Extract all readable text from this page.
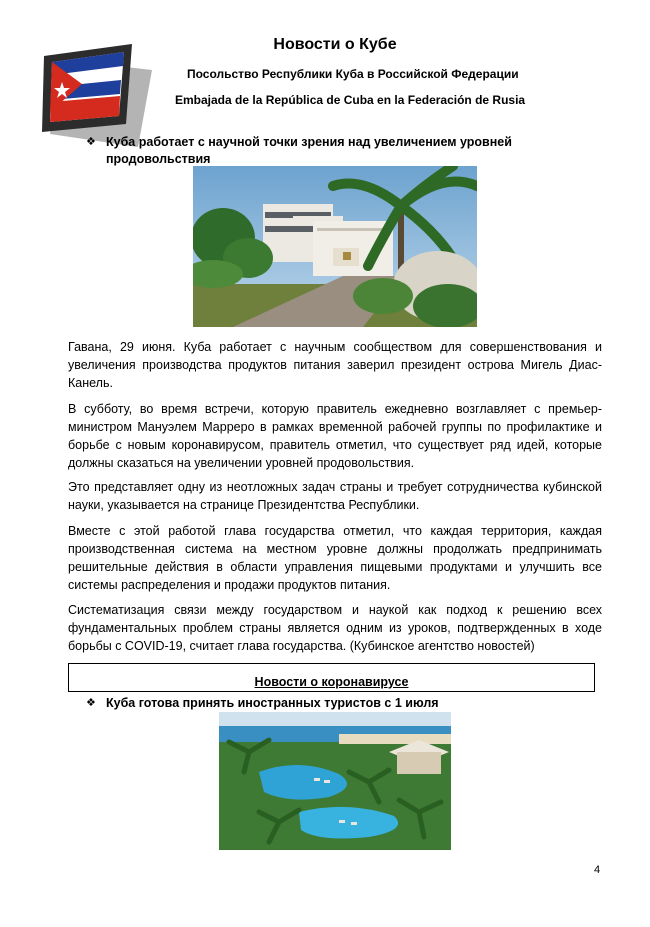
Новости о Кубе

Посольство Республики Куба в Российской Федерации

Embajada de la República de Cuba en la Federación de Rusia

❖ Куба работает с научной точки зрения над увеличением уровней продовольствия

Гавана, 29 июня. Куба работает с научным сообществом для совершенствования и увеличения производства продуктов питания заверил президент острова Мигель Диас-Канель.

В субботу, во время встречи, которую правитель ежедневно возглавляет с премьер-министром Мануэлем Марреро в рамках временной рабочей группы по профилактике и борьбе с новым коронавирусом, правитель отметил, что существует ряд идей, которые должны сказаться на увеличении уровней продовольствия.

Это представляет одну из неотложных задач страны и требует сотрудничества кубинской науки, указывается на странице Президентства Республики.

Вместе с этой работой глава государства отметил, что каждая территория, каждая производственная система на местном уровне должны продолжать предпринимать решительные действия в области управления пищевыми продуктами и улучшить все системы распределения и продажи продуктов питания.

Систематизация связи между государством и наукой как подход к решению всех фундаментальных проблем страны является одним из уроков, подтвержденных в ходе борьбы с COVID-19, считает глава государства. (Кубинское агентство новостей)

Новости о коронавирусе
❖ Куба готова принять иностранных туристов с 1 июля
4
